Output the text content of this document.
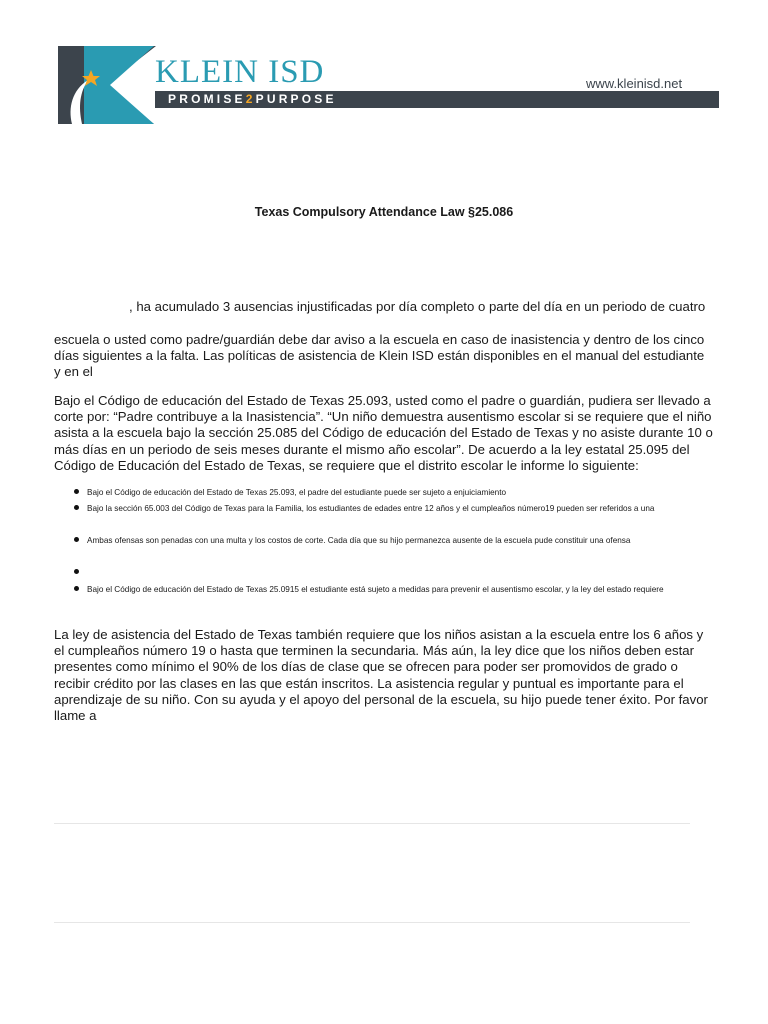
KLEIN ISD
PROMISE2PURPOSE
www.kleinisd.net
Texas Compulsory Attendance Law §25.086

, ha acumulado 3 ausencias injustificadas por día completo o parte del día en un periodo de cuatro

escuela o usted como padre/guardián debe dar aviso a la escuela en caso de inasistencia y dentro de los cinco días siguientes a la falta. Las políticas de asistencia de Klein ISD están disponibles en el manual del estudiante y en el

Bajo el Código de educación del Estado de Texas 25.093, usted como el padre o guardián, pudiera ser llevado a corte por: “Padre contribuye a la Inasistencia”. “Un niño demuestra ausentismo escolar si se requiere que el niño asista a la escuela bajo la sección 25.085 del Código de educación del Estado de Texas y no asiste durante 10 o más días en un periodo de seis meses durante el mismo año escolar”. De acuerdo a la ley estatal 25.095 del Código de Educación del Estado de Texas, se requiere que el distrito escolar le informe lo siguiente:

Bajo el Código de educación del Estado de Texas 25.093, el padre del estudiante puede ser sujeto a enjuiciamiento
Bajo la sección 65.003 del Código de Texas para la Familia, los estudiantes de edades entre 12 años y el cumpleaños número19 pueden ser referidos a una
Ambas ofensas son penadas con una multa y los costos de corte. Cada día que su hijo permanezca ausente de la escuela pude constituir una ofensa
Bajo el Código de educación del Estado de Texas 25.0915 el estudiante está sujeto a medidas para prevenir el ausentismo escolar, y la ley del estado requiere

La ley de asistencia del Estado de Texas también requiere que los niños asistan a la escuela entre los 6 años y el cumpleaños número 19 o hasta que terminen la secundaria. Más aún, la ley dice que los niños deben estar presentes como mínimo el 90% de los días de clase que se ofrecen para poder ser promovidos de grado o recibir crédito por las clases en las que están inscritos. La asistencia regular y puntual es importante para el aprendizaje de su niño. Con su ayuda y el apoyo del personal de la escuela, su hijo puede tener éxito. Por favor llame a
